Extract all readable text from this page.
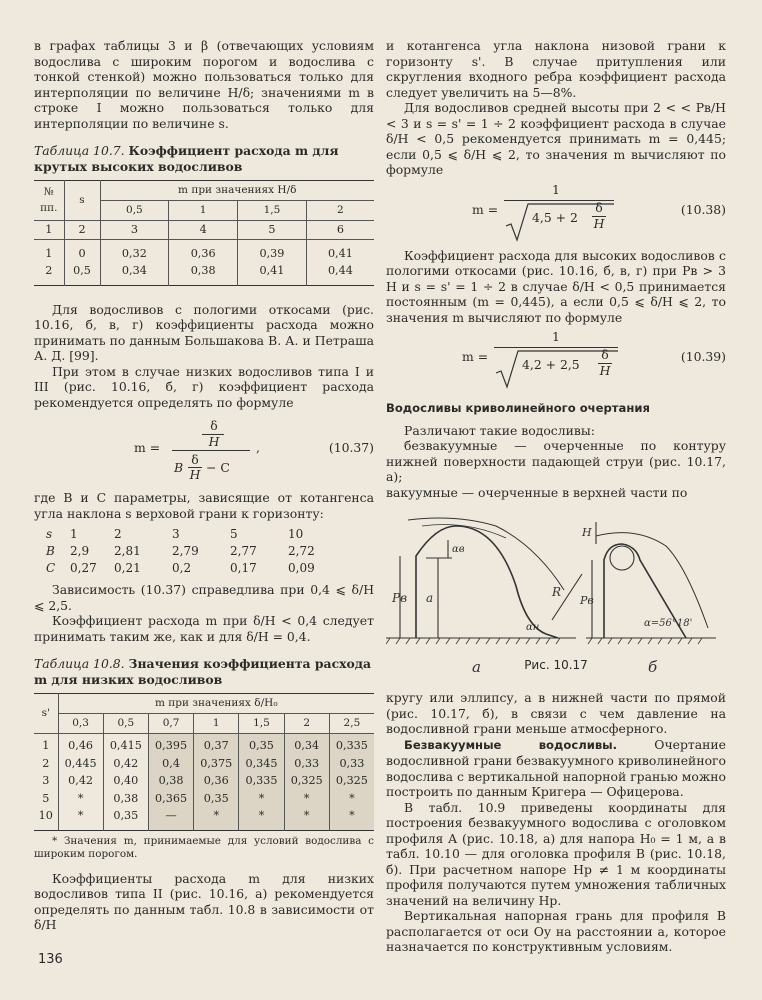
в графах таблицы 3 и β (отвечающих условиям водослива с широким порогом и водослива с тонкой стенкой) можно пользоваться только для интерполяции по величине H/δ; значениями m в строке I можно пользоваться только для интерполяции по величине s.

Таблица 10.7. Коэффициент расхода m для крутых высоких водосливов
№ пп.	s	m при значениях H/δ			
		0,5	1	1,5	2
1	2	3	4	5	6
1	0	0,32	0,36	0,39	0,41
2	0,5	0,34	0,38	0,41	0,44

Для водосливов с пологими откосами (рис. 10.16, б, в, г) коэффициенты расхода можно принимать по данным Большакова В. А. и Петраша А. Д. [99].

При этом в случае низких водосливов типа I и III (рис. 10.16, б, г) коэффициент расхода рекомендуется определять по формуле

m =
δ
H
B
δ
H − C
,	(10.37)

где B и C параметры, зависящие от котангенса угла наклона s верховой грани к горизонту:

s	1	2	3	5	10
B	2,9	2,81	2,79	2,77	2,72
C	0,27	0,21	0,2	0,17	0,09

Зависимость (10.37) справедлива при 0,4 ⩽ δ/H ⩽ 2,5.

Коэффициент расхода m при δ/H < 0,4 следует принимать таким же, как и для δ/H = 0,4.

Таблица 10.8. Значения коэффициента расхода m для низких водосливов
s'	m при значениях δ/H₀						
	0,3	0,5	0,7	1	1,5	2	2,5
1	0,46	0,415	0,395	0,37	0,35	0,34	0,335
2	0,445	0,42	0,4	0,375	0,345	0,33	0,33
3	0,42	0,40	0,38	0,36	0,335	0,325	0,325
5	*	0,38	0,365	0,35	*	*	*
10	*	0,35	—	*	*	*	*

* Значения m, принимаемые для условий водослива с широким порогом.

Коэффициенты расхода m для низких водосливов типа II (рис. 10.16, а) рекомендуется определять по данным табл. 10.8 в зависимости от δ/H

и котангенса угла наклона низовой грани к горизонту s'. В случае притупления или скругления входного ребра коэффициент расхода следует увеличить на 5—8%.

Для водосливов средней высоты при 2 < < Pв/H < 3 и s = s' = 1 ÷ 2 коэффициент расхода в случае δ/H < 0,5 рекомендуется принимать m = 0,445; если 0,5 ⩽ δ/H ⩽ 2, то значения m вычисляют по формуле

m =
1
4,5 + 2
δ
H
(10.38)

Коэффициент расхода для высоких водосливов с пологими откосами (рис. 10.16, б, в, г) при Pв > 3 H и s = s' = 1 ÷ 2 в случае δ/H < 0,5 принимается постоянным (m = 0,445), а если 0,5 ⩽ δ/H ⩽ 2, то значения m вычисляют по формуле

m =
1
4,2 + 2,5
δ
H
(10.39)
Водосливы криволинейного очертания

Различают такие водосливы:

безвакуумные — очерченные по контуру нижней поверхности падающей струи (рис. 10.17, а);

вакуумные — очерченные в верхней части по

Pв a
αв
αн
R
а
H
Pв
α=56°18'
б
Рис. 10.17

кругу или эллипсу, а в нижней части по прямой (рис. 10.17, б), в связи с чем давление на водосливной грани меньше атмосферного.

Безвакуумные водосливы.	Очертание водосливной грани безвакуумного криволинейного водослива с вертикальной напорной гранью можно построить по данным Кригера — Офицерова.

В табл. 10.9 приведены координаты для построения безвакуумного водослива с оголовком профиля A (рис. 10.18, а) для напора H₀ = 1 м, а в табл. 10.10 — для оголовка профиля B (рис. 10.18, б). При расчетном напоре Hр ≠ 1 м координаты профиля получаются путем умножения табличных значений на величину Hр.

Вертикальная напорная грань для профиля B располагается от оси Oy на расстоянии a, которое назначается по конструктивным условиям.

136
